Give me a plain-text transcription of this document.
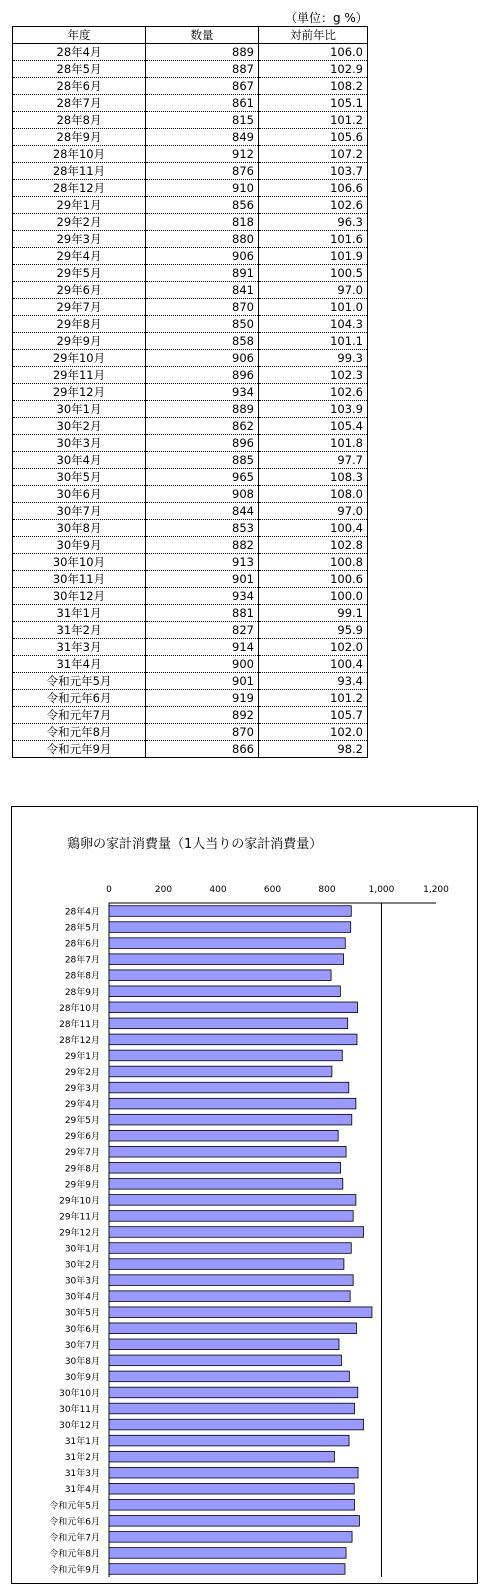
（単位：g %）
年度	数量	対前年比
28年4月	889	106.0
28年5月	887	102.9
28年6月	867	108.2
28年7月	861	105.1
28年8月	815	101.2
28年9月	849	105.6
28年10月	912	107.2
28年11月	876	103.7
28年12月	910	106.6
29年1月	856	102.6
29年2月	818	96.3
29年3月	880	101.6
29年4月	906	101.9
29年5月	891	100.5
29年6月	841	97.0
29年7月	870	101.0
29年8月	850	104.3
29年9月	858	101.1
29年10月	906	99.3
29年11月	896	102.3
29年12月	934	102.6
30年1月	889	103.9
30年2月	862	105.4
30年3月	896	101.8
30年4月	885	97.7
30年5月	965	108.3
30年6月	908	108.0
30年7月	844	97.0
30年8月	853	100.4
30年9月	882	102.8
30年10月	913	100.8
30年11月	901	100.6
30年12月	934	100.0
31年1月	881	99.1
31年2月	827	95.9
31年3月	914	102.0
31年4月	900	100.4
令和元年5月	901	93.4
令和元年6月	919	101.2
令和元年7月	892	105.7
令和元年8月	870	102.0
令和元年9月	866	98.2
鶏卵の家計消費量（1人当りの家計消費量）
0	200	400	600	800	1,000	1,200
28年4月
28年5月
28年6月
28年7月
28年8月
28年9月
28年10月
28年11月
28年12月
29年1月
29年2月
29年3月
29年4月
29年5月
29年6月
29年7月
29年8月
29年9月
29年10月
29年11月
29年12月
30年1月
30年2月
30年3月
30年4月
30年5月
30年6月
30年7月
30年8月
30年9月
30年10月
30年11月
30年12月
31年1月
31年2月
31年3月
31年4月
令和元年5月
令和元年6月
令和元年7月
令和元年8月
令和元年9月
